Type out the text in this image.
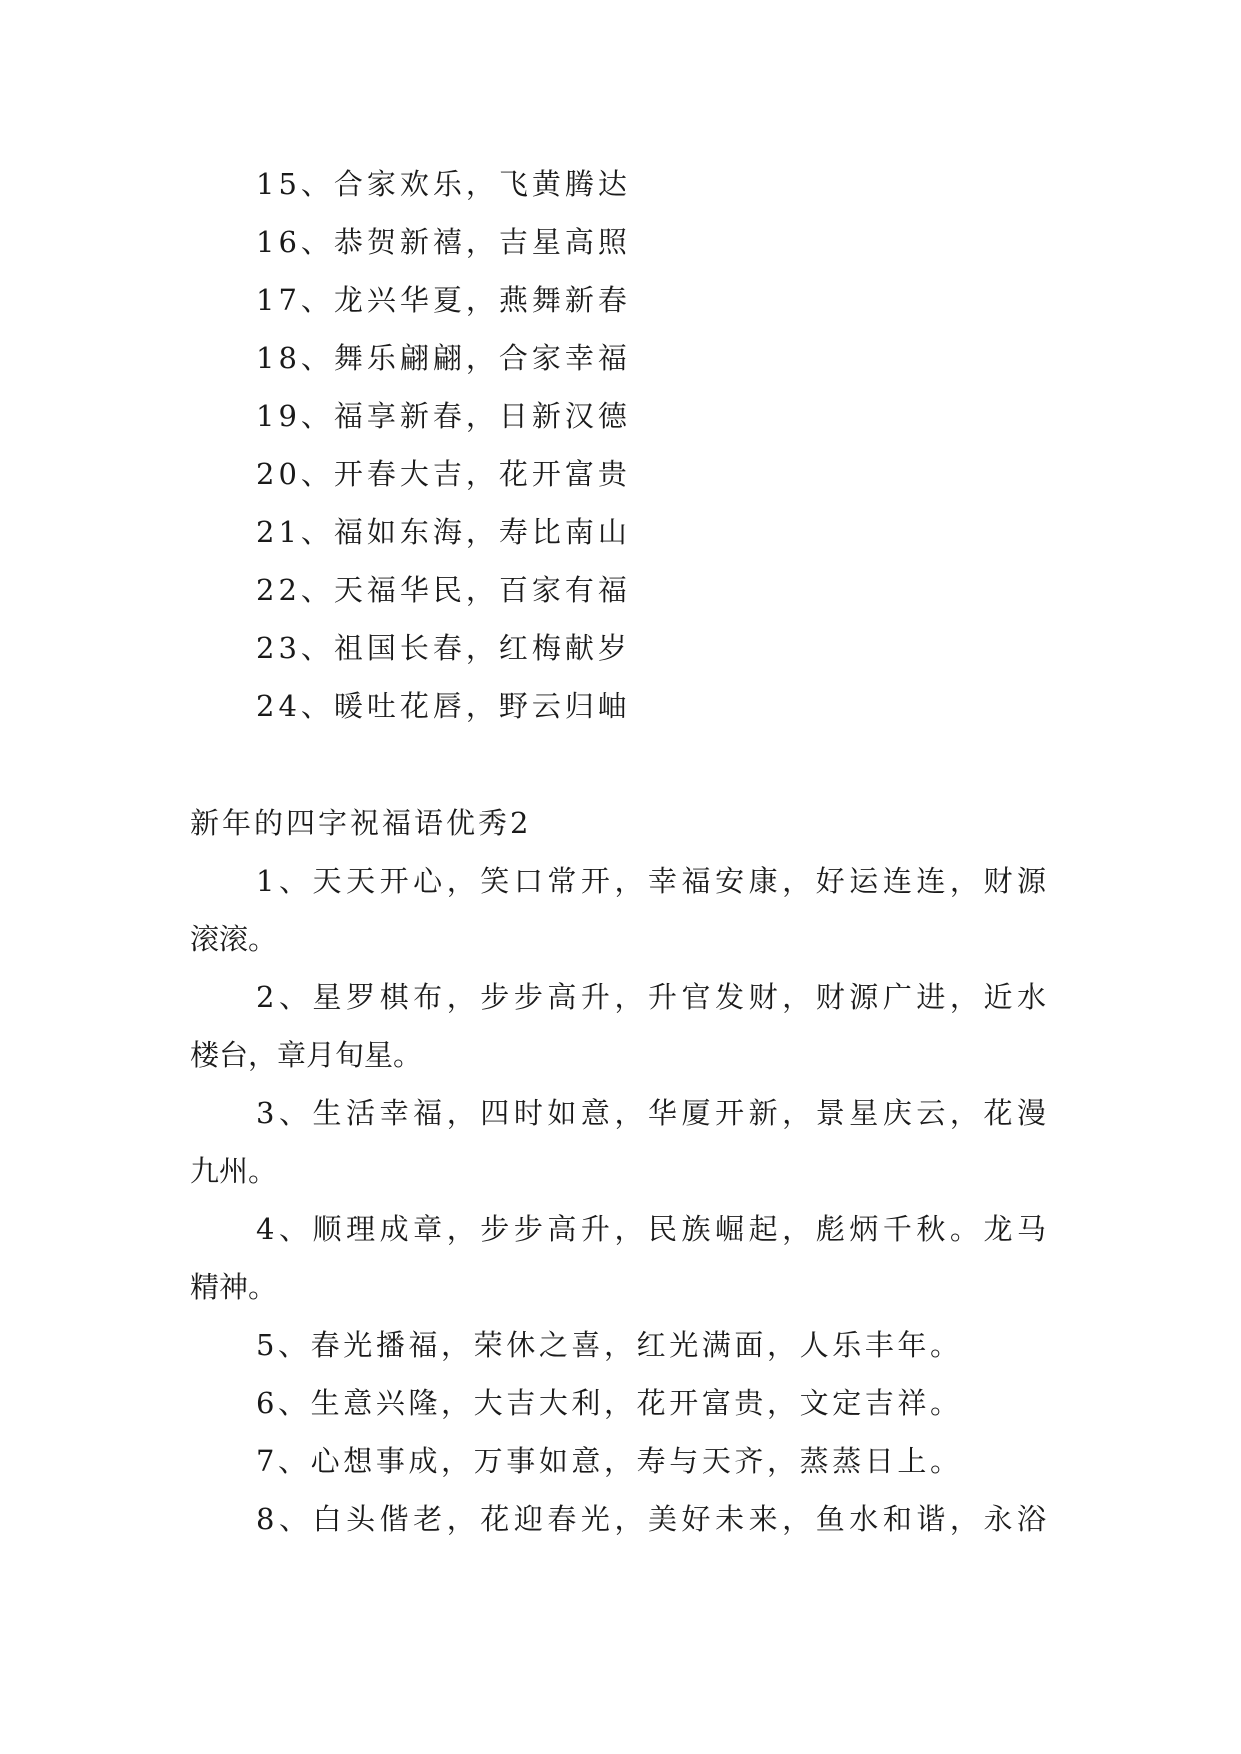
15、合家欢乐，飞黄腾达
16、恭贺新禧，吉星高照
17、龙兴华夏，燕舞新春
18、舞乐翩翩，合家幸福
19、福享新春，日新汉德
20、开春大吉，花开富贵
21、福如东海，寿比南山
22、天福华民，百家有福
23、祖国长春，红梅献岁
24、暖吐花唇，野云归岫
新年的四字祝福语优秀2
1、天天开心，笑口常开，幸福安康，好运连连，财源
滚滚。
2、星罗棋布，步步高升，升官发财，财源广进，近水
楼台，章月旬星。
3、生活幸福，四时如意，华厦开新，景星庆云，花漫
九州。
4、顺理成章，步步高升，民族崛起，彪炳千秋。龙马
精神。
5、春光播福，荣休之喜，红光满面，人乐丰年。
6、生意兴隆，大吉大利，花开富贵，文定吉祥。
7、心想事成，万事如意，寿与天齐，蒸蒸日上。
8、白头偕老，花迎春光，美好未来，鱼水和谐，永浴
